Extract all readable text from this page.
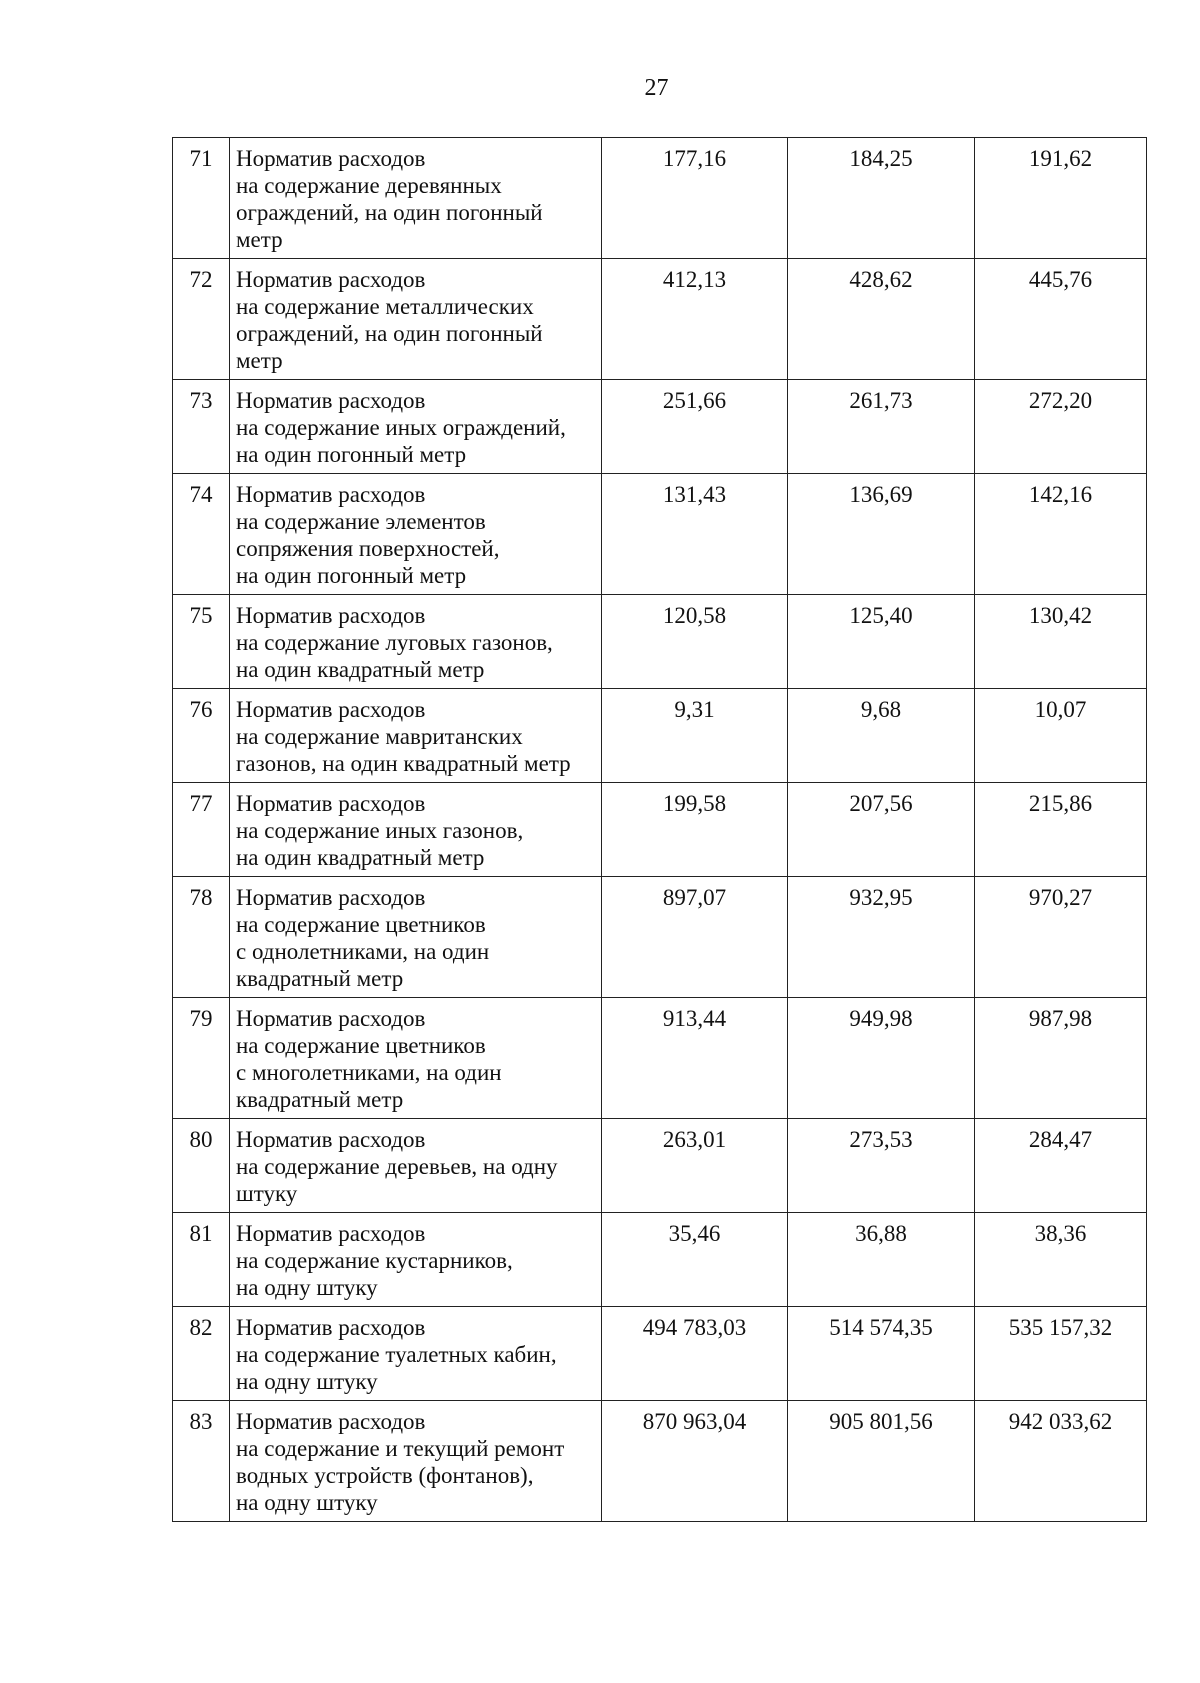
27
71	Норматив расходов
на содержание деревянных
ограждений, на один погонный
метр	177,16	184,25	191,62
72	Норматив расходов
на содержание металлических
ограждений, на один погонный
метр	412,13	428,62	445,76
73	Норматив расходов
на содержание иных ограждений,
на один погонный метр	251,66	261,73	272,20
74	Норматив расходов
на содержание элементов
сопряжения поверхностей,
на один погонный метр	131,43	136,69	142,16
75	Норматив расходов
на содержание луговых газонов,
на один квадратный метр	120,58	125,40	130,42
76	Норматив расходов
на содержание мавританских
газонов, на один квадратный метр	9,31	9,68	10,07
77	Норматив расходов
на содержание иных газонов,
на один квадратный метр	199,58	207,56	215,86
78	Норматив расходов
на содержание цветников
с однолетниками, на один
квадратный метр	897,07	932,95	970,27
79	Норматив расходов
на содержание цветников
с многолетниками, на один
квадратный метр	913,44	949,98	987,98
80	Норматив расходов
на содержание деревьев, на одну
штуку	263,01	273,53	284,47
81	Норматив расходов
на содержание кустарников,
на одну штуку	35,46	36,88	38,36
82	Норматив расходов
на содержание туалетных кабин,
на одну штуку	494 783,03	514 574,35	535 157,32
83	Норматив расходов
на содержание и текущий ремонт
водных устройств (фонтанов),
на одну штуку	870 963,04	905 801,56	942 033,62
